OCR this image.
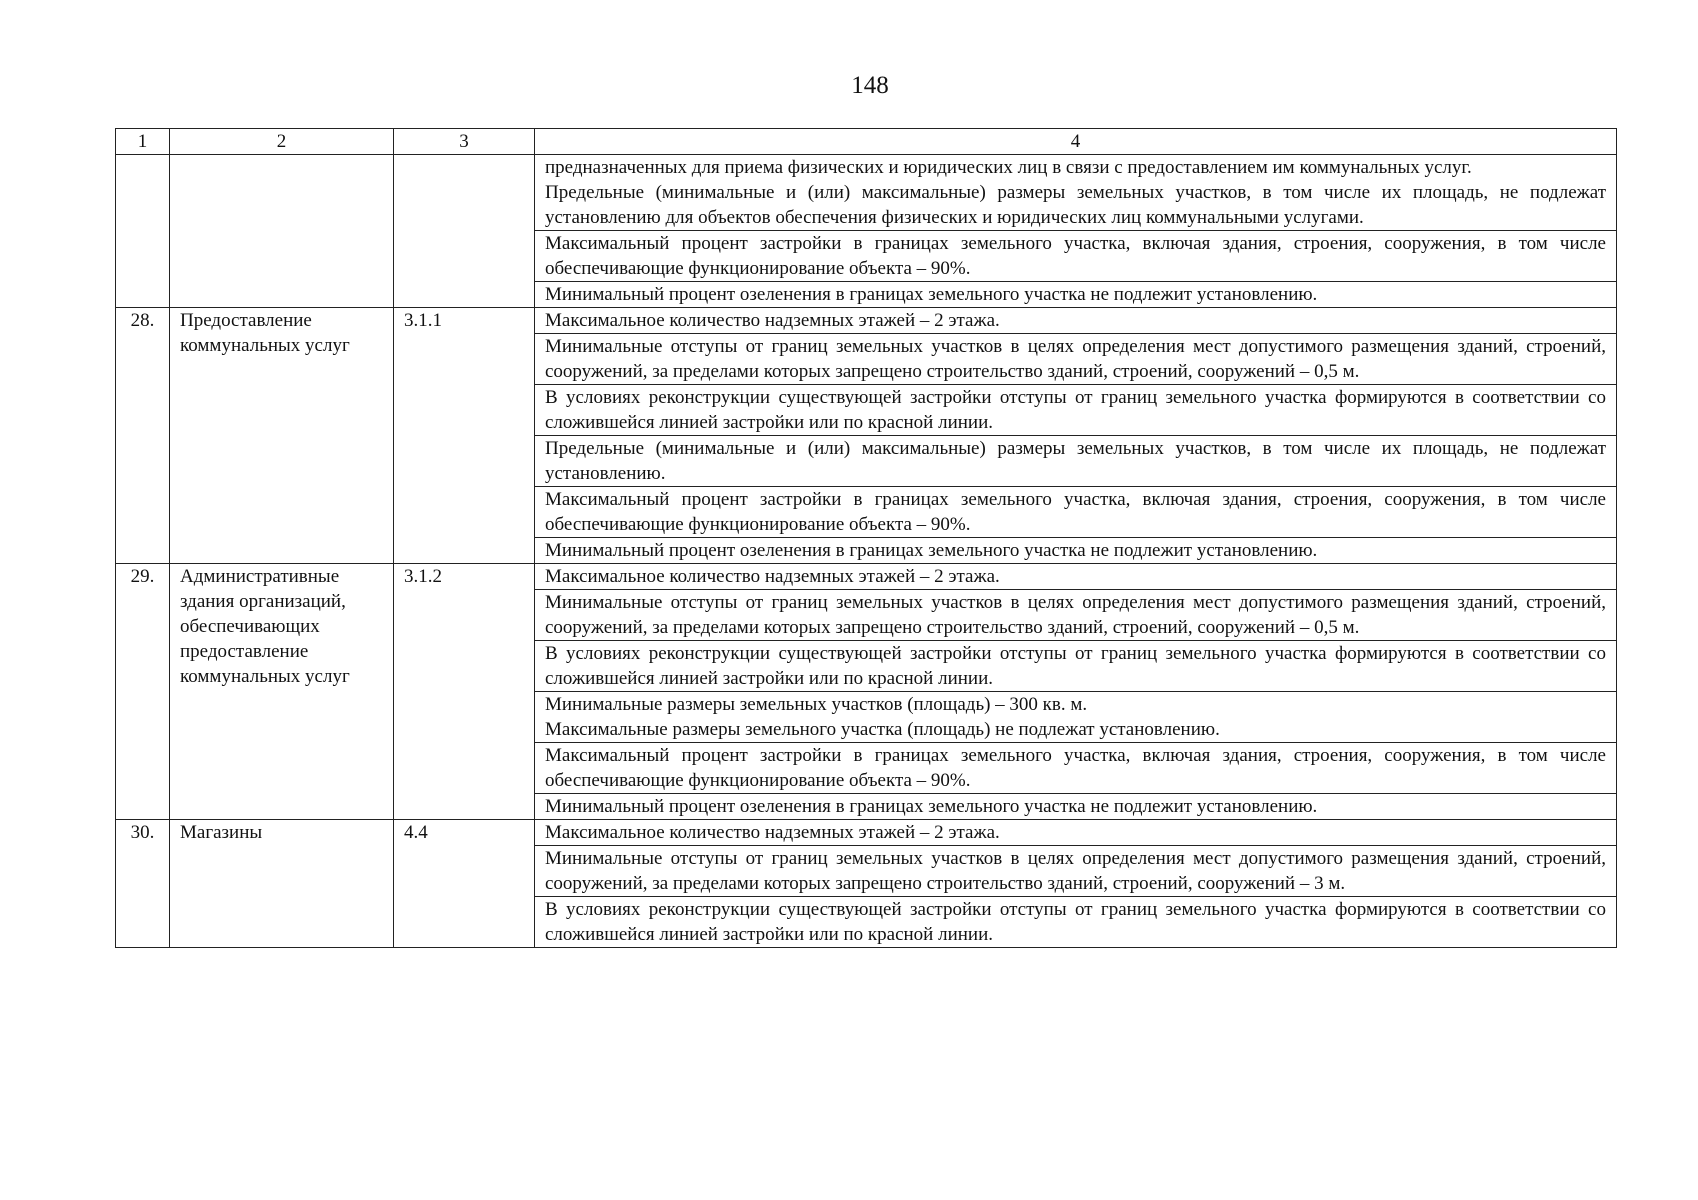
148
1	2	3	4

			предназначенных для приема физических и юридических лиц в связи с предоставлением им коммунальных услуг.
Предельные (минимальные и (или) максимальные) размеры земельных участков, в том числе их площадь, не подлежат установлению для объектов обеспечения физических и юридических лиц коммунальными услугами.

			Максимальный процент застройки в границах земельного участка, включая здания, строения, сооружения, в том числе обеспечивающие функционирование объекта – 90%.

			Минимальный процент озеленения в границах земельного участка не подлежит установлению.

28.	Предоставление коммунальных услуг	3.1.1	Максимальное количество надземных этажей – 2 этажа.

			Минимальные отступы от границ земельных участков в целях определения мест допустимого размещения зданий, строений, сооружений, за пределами которых запрещено строительство зданий, строений, сооружений – 0,5 м.

			В условиях реконструкции существующей застройки отступы от границ земельного участка формируются в соответствии со сложившейся линией застройки или по красной линии.

			Предельные (минимальные и (или) максимальные) размеры земельных участков, в том числе их площадь, не подлежат установлению.

			Максимальный процент застройки в границах земельного участка, включая здания, строения, сооружения, в том числе обеспечивающие функционирование объекта – 90%.

			Минимальный процент озеленения в границах земельного участка не подлежит установлению.

29.	Административные здания организаций, обеспечивающих предоставление коммунальных услуг	3.1.2	Максимальное количество надземных этажей – 2 этажа.

			Минимальные отступы от границ земельных участков в целях определения мест допустимого размещения зданий, строений, сооружений, за пределами которых запрещено строительство зданий, строений, сооружений – 0,5 м.

			В условиях реконструкции существующей застройки отступы от границ земельного участка формируются в соответствии со сложившейся линией застройки или по красной линии.

			Минимальные размеры земельных участков (площадь) – 300 кв. м.
Максимальные размеры земельного участка (площадь) не подлежат установлению.

			Максимальный процент застройки в границах земельного участка, включая здания, строения, сооружения, в том числе обеспечивающие функционирование объекта – 90%.

			Минимальный процент озеленения в границах земельного участка не подлежит установлению.

30.	Магазины	4.4	Максимальное количество надземных этажей – 2 этажа.

			Минимальные отступы от границ земельных участков в целях определения мест допустимого размещения зданий, строений, сооружений, за пределами которых запрещено строительство зданий, строений, сооружений – 3 м.

			В условиях реконструкции существующей застройки отступы от границ земельного участка формируются в соответствии со сложившейся линией застройки или по красной линии.
